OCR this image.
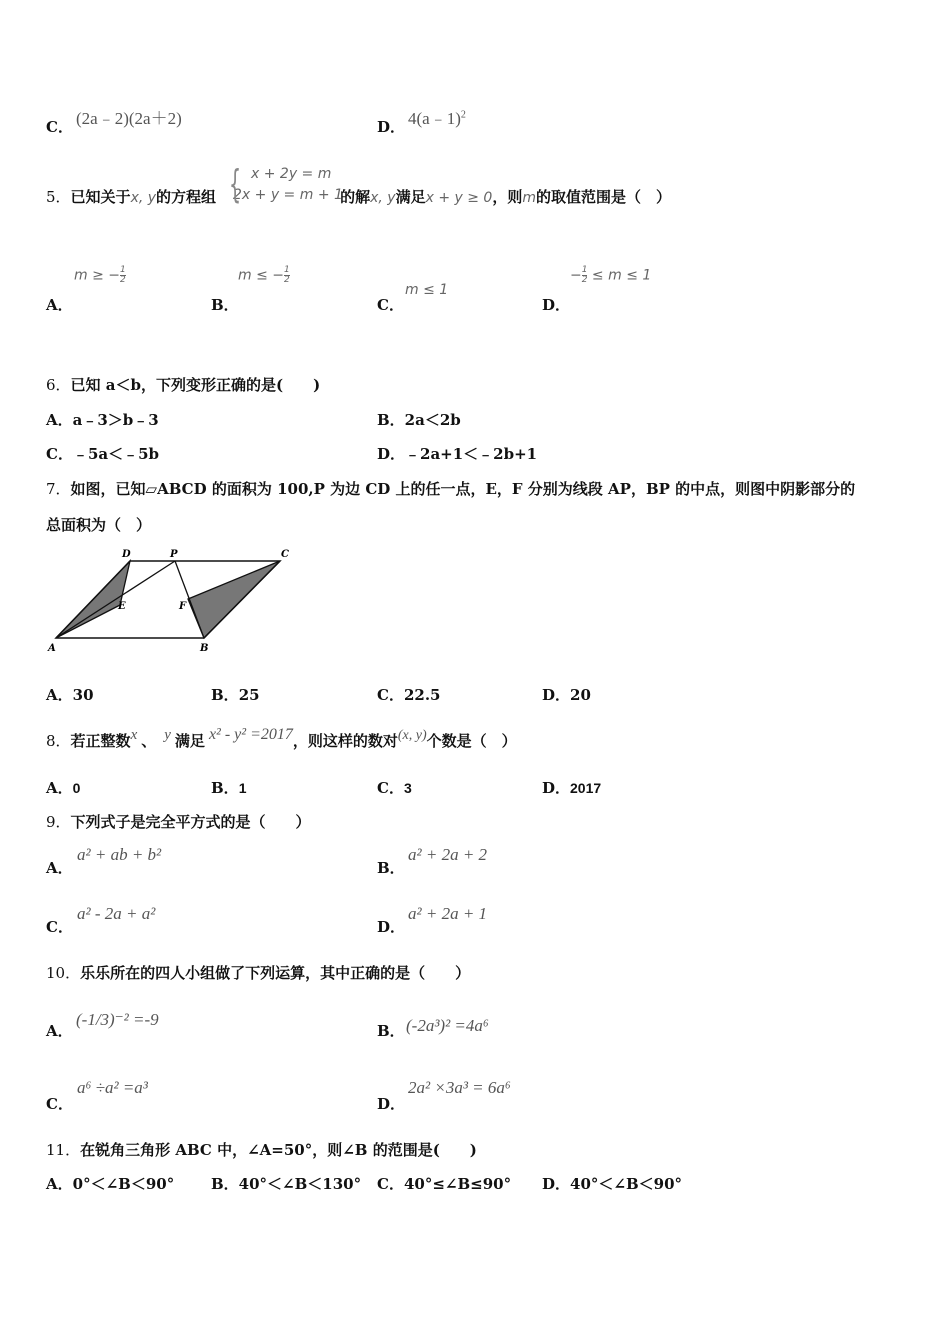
C． (2a﹣2)(2a＋2)	D． 4(a﹣1)$^2$
5．已知关于x, y的方程组	的解x, y满足x + y ≥ 0，则m的取值范围是（　）
{ x + 2y = m
2x + y = m + 1
A．
m ≥ − $\frac{1}{2}$
B．
m ≤ − $\frac{1}{2}$
C．
m ≤ 1
D．
− $\frac{1}{2} \le m \le 1$
6．已知 a＜b，下列变形正确的是(　　)
A．a﹣3＞b﹣3	B．2a＜2b
C．﹣5a＜﹣5b	D．﹣2a+1＜﹣2b+1
7．如图，已知▱ABCD 的面积为 100,P 为边 CD 上的任一点，E，F 分别为线段 AP，BP 的中点，则图中阴影部分的
总面积为（　）
D	P	C
E	F
A	B
A．30	B．25	C．22.5	D．20
8．若正整数x 、 y 满足 x² - y² =2017，则这样的数对(x, y)个数是（　）
A．0	B．1	C．3	D．2017
9．下列式子是完全平方式的是（　　）
A．
a² + ab + b²
B．
a² + 2a + 2
C．
a² - 2a + a²
D．
a² + 2a + 1
10．乐乐所在的四人小组做了下列运算，其中正确的是（　　）
A．
(-1/3)⁻² =-9
B． (-2a³)² =4a⁶
C．
a⁶ ÷a² =a³
D．
2a² ×3a³ = 6a⁶
11．在锐角三角形 ABC 中，∠A=50°，则∠B 的范围是(　　)
A．0°＜∠B＜90° B．40°＜∠B＜130° C．40°≤∠B≤90° D．40°＜∠B＜90°
